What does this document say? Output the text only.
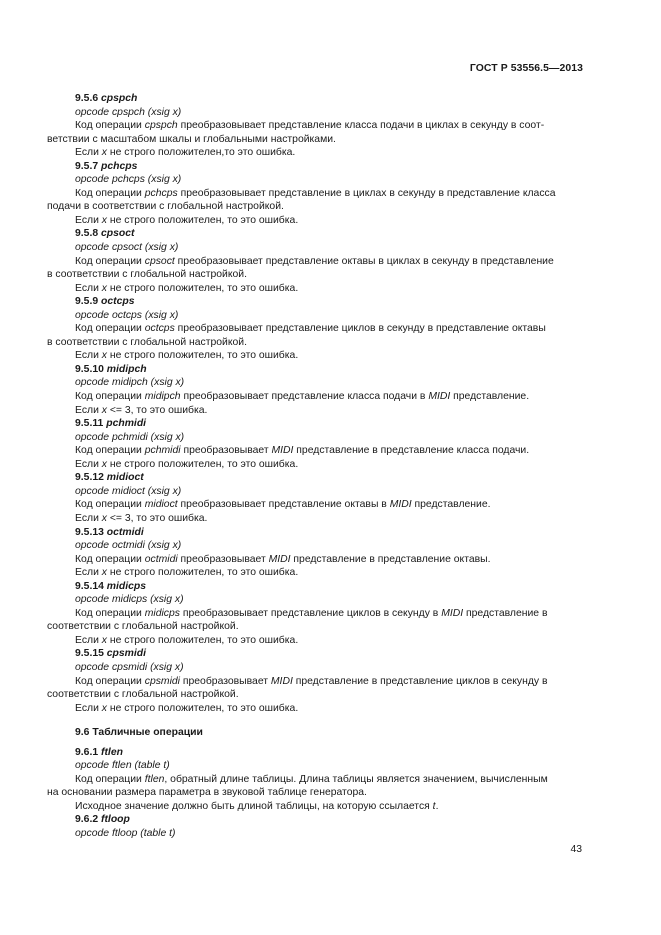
ГОСТ Р 53556.5—2013

9.5.6 cpspch

opcode cpspch (xsig x)

Код операции cpspch преобразовывает представление класса подачи в циклах в секунду в соот-

ветствии с масштабом шкалы и глобальными настройками.

Если x не строго положителен,то это ошибка.

9.5.7 pchcps

opcode pchcps (xsig x)

Код операции pchcps преобразовывает представление в циклах в секунду в представление класса

подачи в соответствии с глобальной настройкой.

Если x не строго положителен, то это ошибка.

9.5.8 cpsoct

opcode cpsoct (xsig x)

Код операции cpsoct преобразовывает представление октавы в циклах в секунду в представление

в соответствии с глобальной настройкой.

Если x не строго положителен, то это ошибка.

9.5.9 octcps

opcode octcps (xsig x)

Код операции octcps преобразовывает представление циклов в секунду в представление октавы

в соответствии с глобальной настройкой.

Если x не строго положителен, то это ошибка.

9.5.10 midipch

opcode midipch (xsig x)

Код операции midipch преобразовывает представление класса подачи в MIDI представление.

Если x <= 3, то это ошибка.

9.5.11 pchmidi

opcode pchmidi (xsig x)

Код операции pchmidi преобразовывает MIDI представление в представление класса подачи.

Если x не строго положителен, то это ошибка.

9.5.12 midioct

opcode midioct (xsig x)

Код операции midioct преобразовывает представление октавы в MIDI представление.

Если x <= 3, то это ошибка.

9.5.13 octmidi

opcode octmidi (xsig x)

Код операции octmidi преобразовывает MIDI представление в представление октавы.

Если x не строго положителен, то это ошибка.

9.5.14 midicps

opcode midicps (xsig x)

Код операции midicps преобразовывает представление циклов в секунду в MIDI представление в

соответствии с глобальной настройкой.

Если x не строго положителен, то это ошибка.

9.5.15 cpsmidi

opcode cpsmidi (xsig x)

Код операции cpsmidi преобразовывает MIDI представление в представление циклов в секунду в

соответствии с глобальной настройкой.

Если x не строго положителен, то это ошибка.

9.6 Табличные операции

9.6.1 ftlen

opcode ftlen (table t)

Код операции ftlen, обратный длине таблицы. Длина таблицы является значением, вычисленным

на основании размера параметра в звуковой таблице генератора.

Исходное значение должно быть длиной таблицы, на которую ссылается t.

9.6.2 ftloop

opcode ftloop (table t)

43
